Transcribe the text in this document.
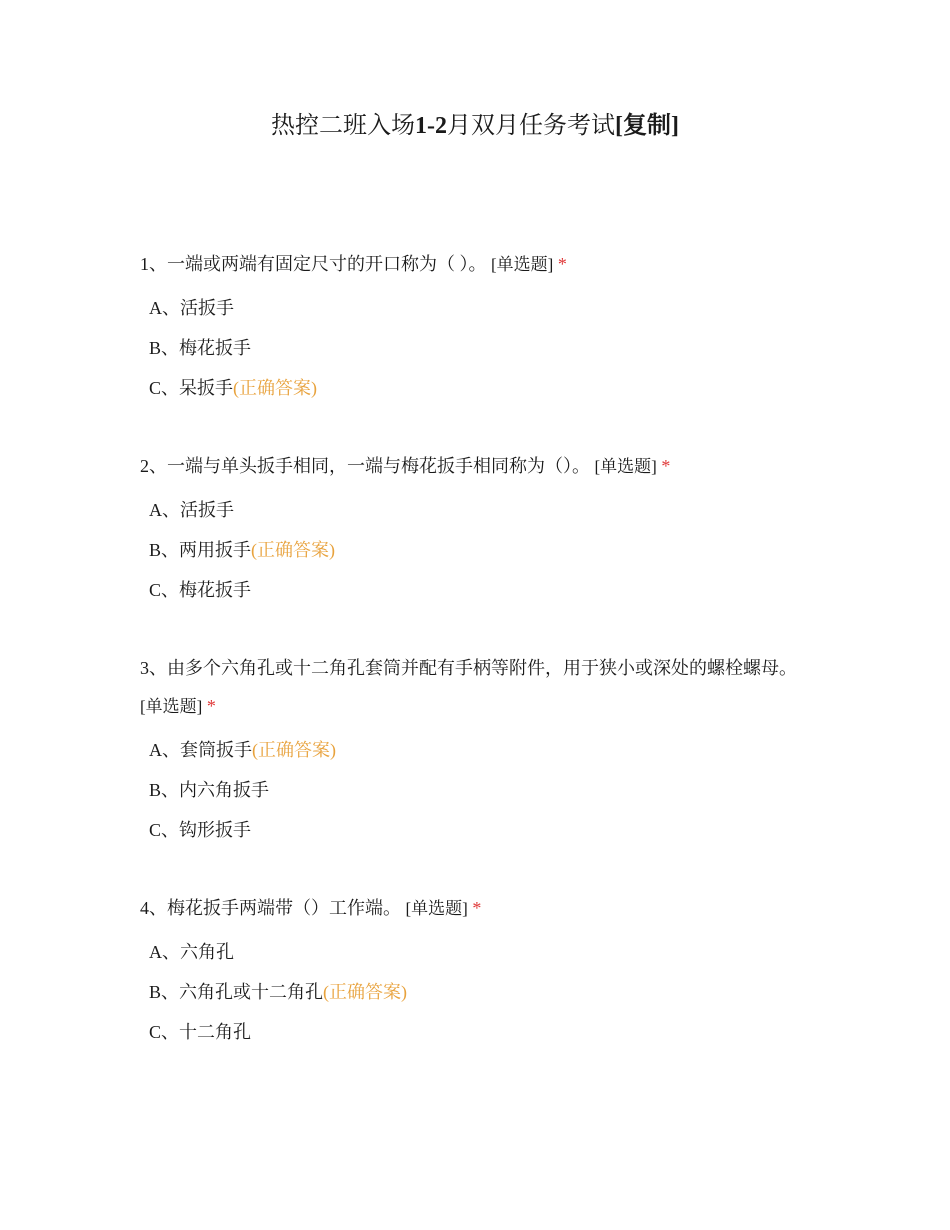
热控二班入场1-2月双月任务考试[复制]

1、一端或两端有固定尺寸的开口称为（ ）。 [单选题] *

A、活扳手
B、梅花扳手
C、呆扳手(正确答案)

2、一端与单头扳手相同，一端与梅花扳手相同称为（）。 [单选题] *

A、活扳手
B、两用扳手(正确答案)
C、梅花扳手

3、由多个六角孔或十二角孔套筒并配有手柄等附件，用于狭小或深处的螺栓螺母。 [单选题] *

A、套筒扳手(正确答案)
B、内六角扳手
C、钩形扳手

4、梅花扳手两端带（）工作端。 [单选题] *

A、六角孔
B、六角孔或十二角孔(正确答案)
C、十二角孔
